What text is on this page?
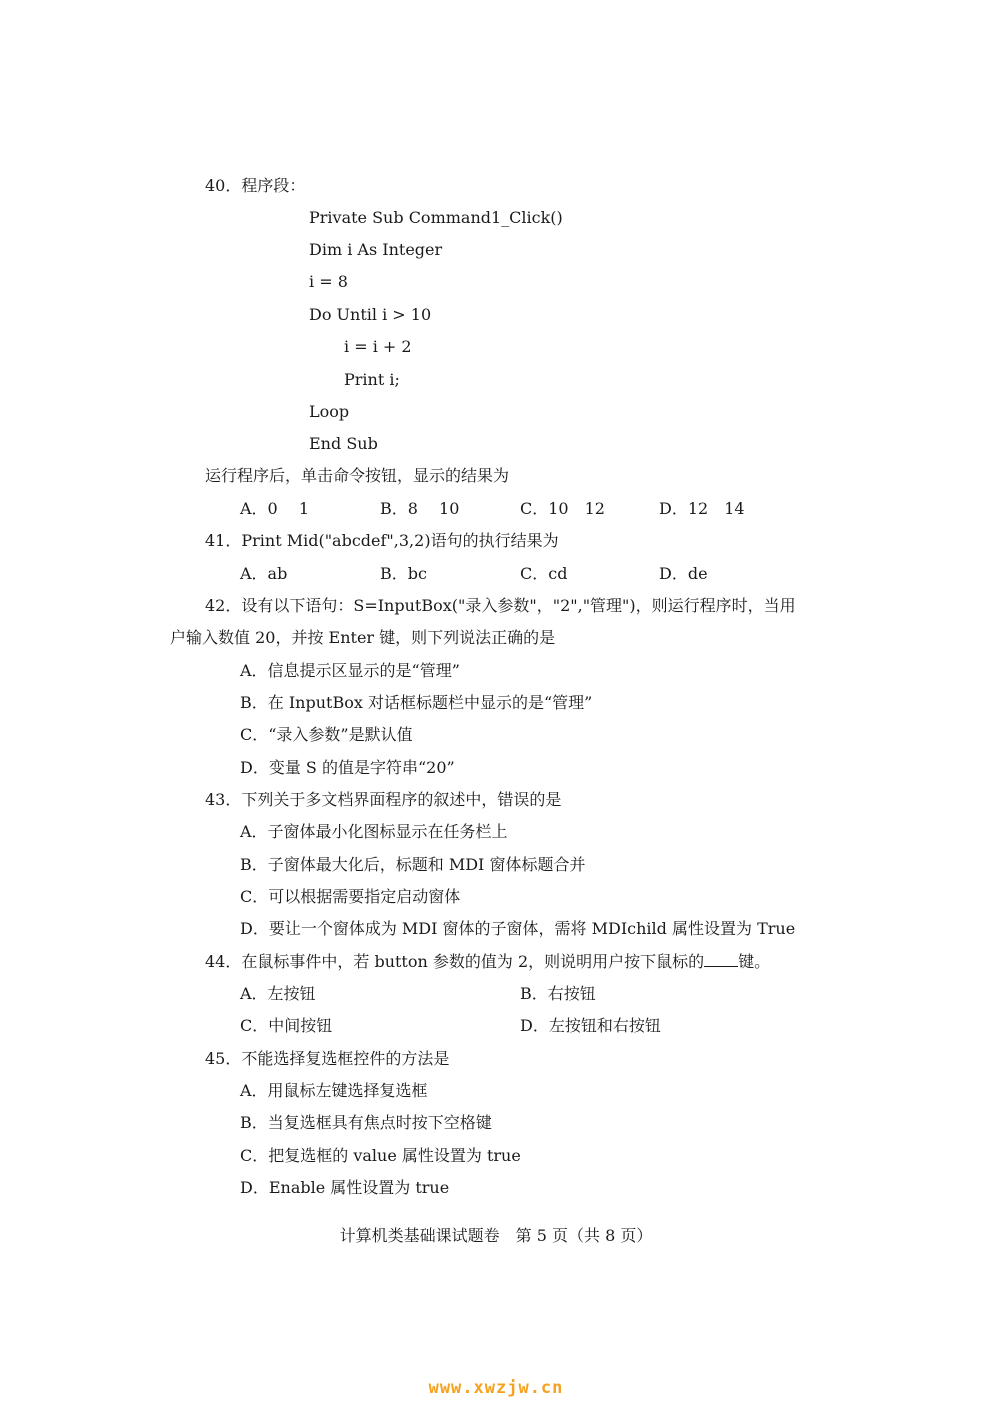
40．程序段：
Private Sub Command1_Click()
Dim i As Integer
i = 8
Do Until i > 10
i = i + 2
Print i;
Loop
End Sub
运行程序后，单击命令按钮，显示的结果为
A．0　 1	B．8　 10	C．10　12	D．12　14
41．Print Mid("abcdef",3,2)语句的执行结果为
A．ab	B．bc	C．cd	D．de
42．设有以下语句：S=InputBox("录入参数"，"2","管理")，则运行程序时，当用
户输入数值 20，并按 Enter 键，则下列说法正确的是
A．信息提示区显示的是“管理”
B．在 InputBox 对话框标题栏中显示的是“管理”
C．“录入参数”是默认值
D．变量 S 的值是字符串“20”
43．下列关于多文档界面程序的叙述中，错误的是
A．子窗体最小化图标显示在任务栏上
B．子窗体最大化后，标题和 MDI 窗体标题合并
C．可以根据需要指定启动窗体
D．要让一个窗体成为 MDI 窗体的子窗体，需将 MDIchild 属性设置为 True
44．在鼠标事件中，若 button 参数的值为 2，则说明用户按下鼠标的 键。
A．左按钮	B．右按钮
C．中间按钮	D．左按钮和右按钮
45．不能选择复选框控件的方法是
A．用鼠标左键选择复选框
B．当复选框具有焦点时按下空格键
C．把复选框的 value 属性设置为 true
D．Enable 属性设置为 true
计算机类基础课试题卷　第 5 页（共 8 页）
www.xwzjw.cn
